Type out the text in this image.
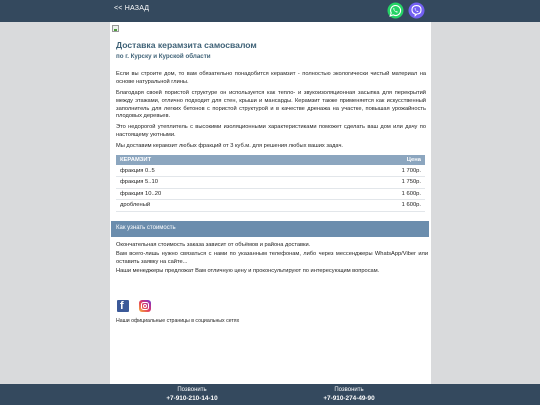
<< НАЗАД
Доставка керамзита самосвалом
по г. Курску и Курской области

Если вы строите дом, то вам обязательно понадобится керамзит - полностью экологически чистый материал на основе натуральной глины.

Благодаря своей пористой структуре он используется как тепло- и звукоизоляционная засыпка для перекрытий между этажами, отлично подходит для стен, крыши и мансарды. Керамзит также применяется как искусственный заполнитель для легких бетонов с пористой структурой и в качестве дренажа на участке, повышая урожайность плодовых деревьев.

Это недорогой утеплитель с высокими изоляционными характеристиками поможет сделать ваш дом или дачу по настоящему уютными.

Мы доставим керамзит любых фракций от 3 куб.м. для решения любых ваших задач.

КЕРАМЗИТ	Цена
фракция 0..5	1 700р.
фракция 5..10	1 750р.
фракция 10..20	1 600р.
дробленый	1 600р.
Как узнать стоимость

Окончательная стоимость заказа зависит от объёмов и района доставки.

Вам всего-лишь нужно связаться с нами по указанным телефонам, либо через мессенджеры WhatsApp/Viber или оставить заявку на сайте...

Наши менеджеры предложат Вам отличную цену и проконсультируют по интересующим вопросам.

f
Наши официальные страницы в социальных сетях
Позвонить
+7-910-210-14-10
Позвонить
+7-910-274-49-90
